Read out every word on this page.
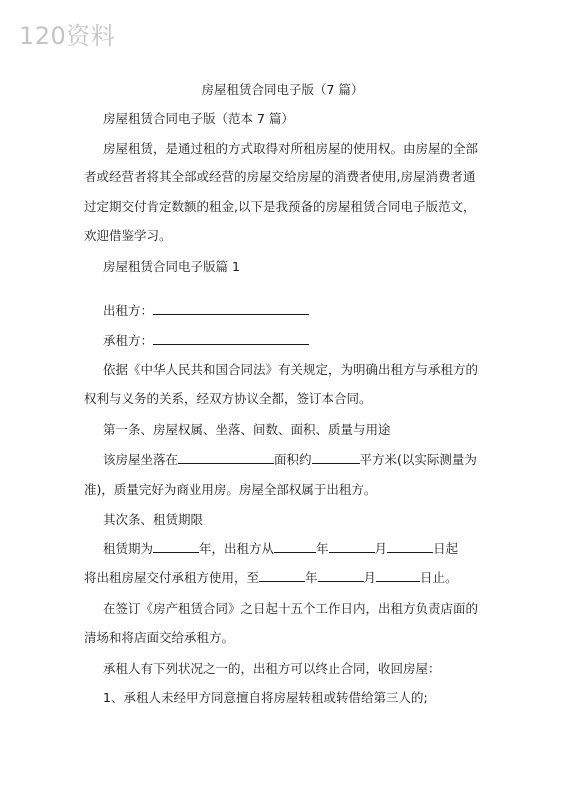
120资料
房屋租赁合同电子版（7 篇）
房屋租赁合同电子版（范本 7 篇）
房屋租赁，是通过租的方式取得对所租房屋的使用权。由房屋的全部
者或经营者将其全部或经营的房屋交给房屋的消费者使用,房屋消费者通
过定期交付肯定数额的租金,以下是我预备的房屋租赁合同电子版范文，
欢迎借鉴学习。
房屋租赁合同电子版篇 1
出租方：
承租方：
依据《中华人民共和国合同法》有关规定，为明确出租方与承租方的
权利与义务的关系，经双方协议全都，签订本合同。
第一条、房屋权属、坐落、间数、面积、质量与用途
该房屋坐落在	面积约	平方米(以实际测量为
准)，质量完好为商业用房。房屋全部权属于出租方。
其次条、租赁期限
租赁期为	年，出租方从	年	月	日起
将出租房屋交付承租方使用，至	年	月	日止。
在签订《房产租赁合同》之日起十五个工作日内，出租方负责店面的
清场和将店面交给承租方。
承租人有下列状况之一的，出租方可以终止合同，收回房屋：
1、承租人未经甲方同意擅自将房屋转租或转借给第三人的;
